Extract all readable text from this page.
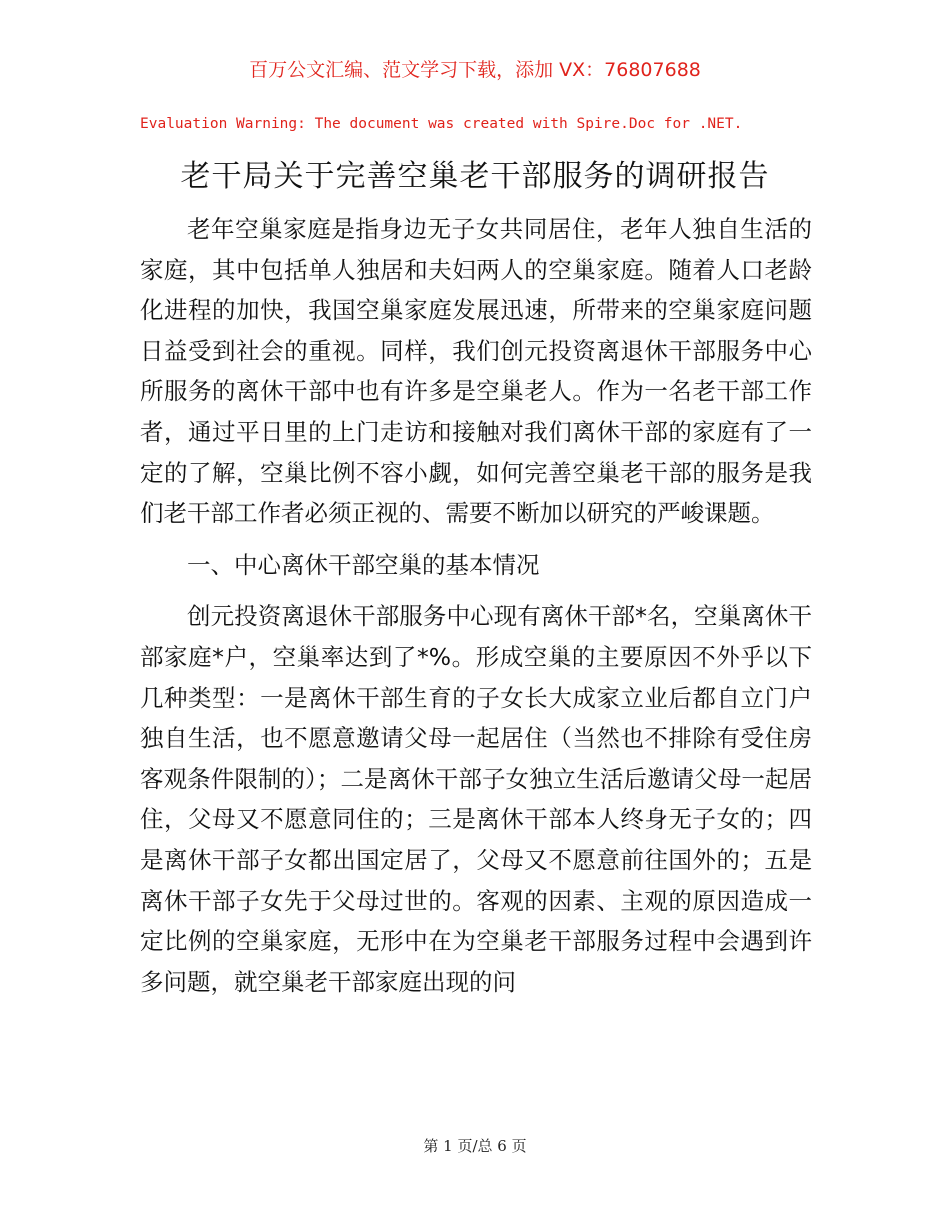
百万公文汇编、范文学习下载，添加 VX：76807688
Evaluation Warning: The document was created with Spire.Doc for .NET.
老干局关于完善空巢老干部服务的调研报告

老年空巢家庭是指身边无子女共同居住，老年人独自生活的家庭，其中包括单人独居和夫妇两人的空巢家庭。随着人口老龄化进程的加快，我国空巢家庭发展迅速，所带来的空巢家庭问题日益受到社会的重视。同样，我们创元投资离退休干部服务中心所服务的离休干部中也有许多是空巢老人。作为一名老干部工作者，通过平日里的上门走访和接触对我们离休干部的家庭有了一定的了解，空巢比例不容小觑，如何完善空巢老干部的服务是我们老干部工作者必须正视的、需要不断加以研究的严峻课题。

一、中心离休干部空巢的基本情况

创元投资离退休干部服务中心现有离休干部*名，空巢离休干部家庭*户，空巢率达到了*%。形成空巢的主要原因不外乎以下几种类型：一是离休干部生育的子女长大成家立业后都自立门户独自生活，也不愿意邀请父母一起居住（当然也不排除有受住房客观条件限制的）；二是离休干部子女独立生活后邀请父母一起居住，父母又不愿意同住的；三是离休干部本人终身无子女的；四是离休干部子女都出国定居了，父母又不愿意前往国外的；五是离休干部子女先于父母过世的。客观的因素、主观的原因造成一定比例的空巢家庭，无形中在为空巢老干部服务过程中会遇到许多问题，就空巢老干部家庭出现的问

第 1 页/总 6 页
